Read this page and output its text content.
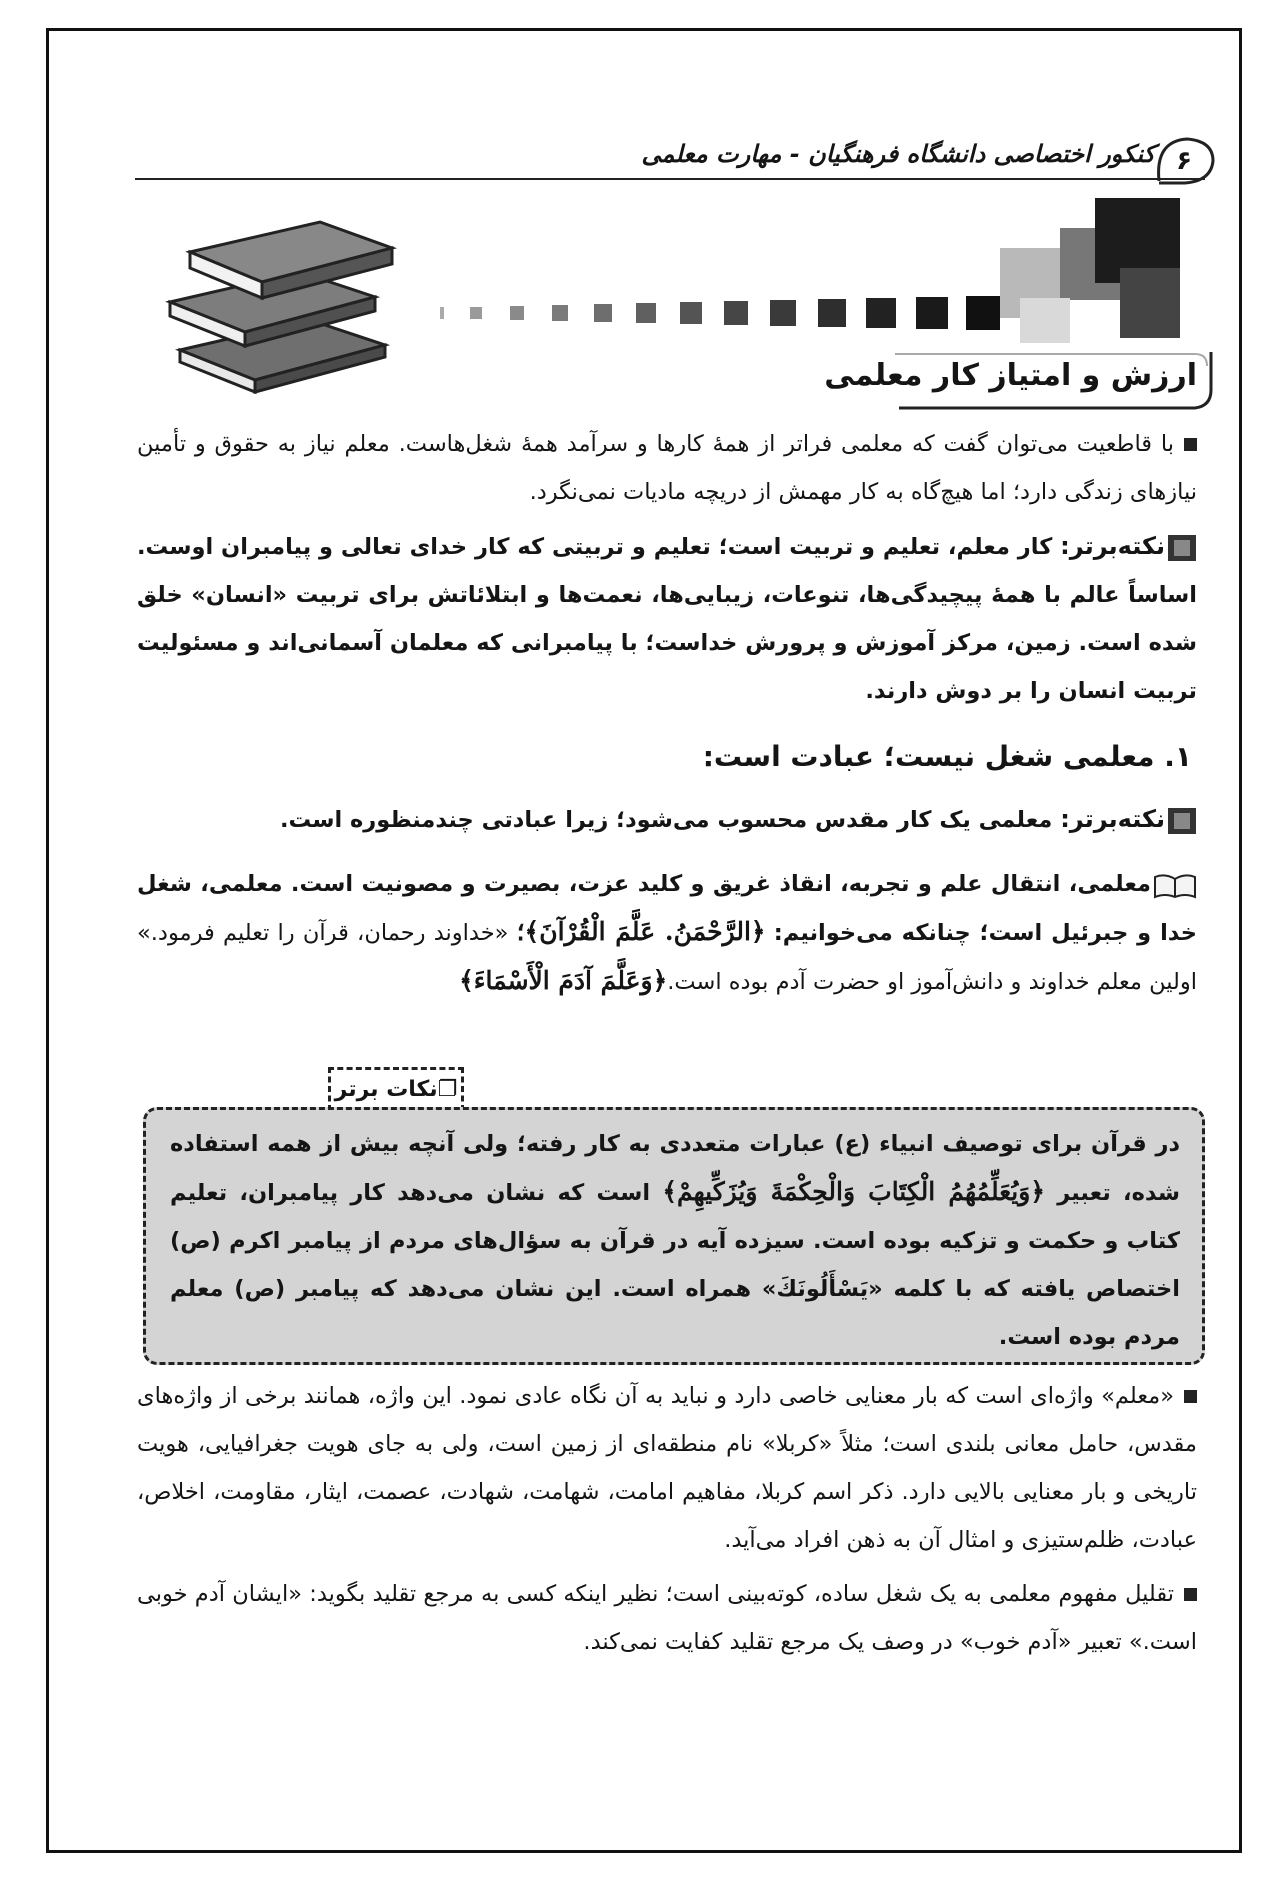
۶
کنکور اختصاصی دانشگاه فرهنگیان - مهارت معلمی
ارزش و امتیاز کار معلمی
با قاطعیت می‌توان گفت که معلمی فراتر از همهٔ کارها و سرآمد همهٔ شغل‌هاست. معلم نیاز به حقوق و تأمین نیازهای زندگی دارد؛ اما هیچ‌گاه به کار مهمش از دریچه مادیات نمی‌نگرد.
نکته‌برتر: کار معلم، تعلیم و تربیت است؛ تعلیم و تربیتی که کار خدای تعالی و پیامبران اوست. اساساً عالم با همهٔ پیچیدگی‌ها، تنوعات، زیبایی‌ها، نعمت‌ها و ابتلائاتش برای تربیت «انسان» خلق شده است. زمین، مرکز آموزش و پرورش خداست؛ با پیامبرانی که معلمان آسمانی‌اند و مسئولیت تربیت انسان را بر دوش دارند.
۱. معلمی شغل نیست؛ عبادت است:
نکته‌برتر: معلمی یک کار مقدس محسوب می‌شود؛ زیرا عبادتی چندمنظوره است.
معلمی، انتقال علم و تجربه، انقاذ غریق و کلید عزت، بصیرت و مصونیت است. معلمی، شغل خدا و جبرئیل است؛ چنانکه می‌خوانیم: ﴿الرَّحْمَنُ. عَلَّمَ الْقُرْآنَ﴾؛ «خداوند رحمان، قرآن را تعلیم فرمود.» اولین معلم خداوند و دانش‌آموز او حضرت آدم بوده است.﴿وَعَلَّمَ آدَمَ الْأَسْمَاءَ﴾
❐نکات برتر
در قرآن برای توصیف انبیاء (ع) عبارات متعددی به کار رفته؛ ولی آنچه بیش از همه استفاده شده، تعبیر ﴿وَيُعَلِّمُهُمُ الْكِتَابَ وَالْحِكْمَةَ وَيُزَكِّيهِمْ﴾ است که نشان می‌دهد کار پیامبران، تعلیم کتاب و حکمت و تزکیه بوده است. سیزده آیه در قرآن به سؤال‌های مردم از پیامبر اکرم (ص) اختصاص یافته که با کلمه «يَسْأَلُونَكَ» همراه است. این نشان می‌دهد که پیامبر (ص) معلم مردم بوده است.
«معلم» واژه‌ای است که بار معنایی خاصی دارد و نباید به آن نگاه عادی نمود. این واژه، همانند برخی از واژه‌های مقدس، حامل معانی بلندی است؛ مثلاً «کربلا» نام منطقه‌ای از زمین است، ولی به جای هویت جغرافیایی، هویت تاریخی و بار معنایی بالایی دارد. ذکر اسم کربلا، مفاهیم امامت، شهامت، شهادت، عصمت، ایثار، مقاومت، اخلاص، عبادت، ظلم‌ستیزی و امثال آن به ذهن افراد می‌آید.
تقلیل مفهوم معلمی به یک شغل ساده، کوته‌بینی است؛ نظیر اینکه کسی به مرجع تقلید بگوید: «ایشان آدم خوبی است.» تعبیر «آدم خوب» در وصف یک مرجع تقلید کفایت نمی‌کند.
